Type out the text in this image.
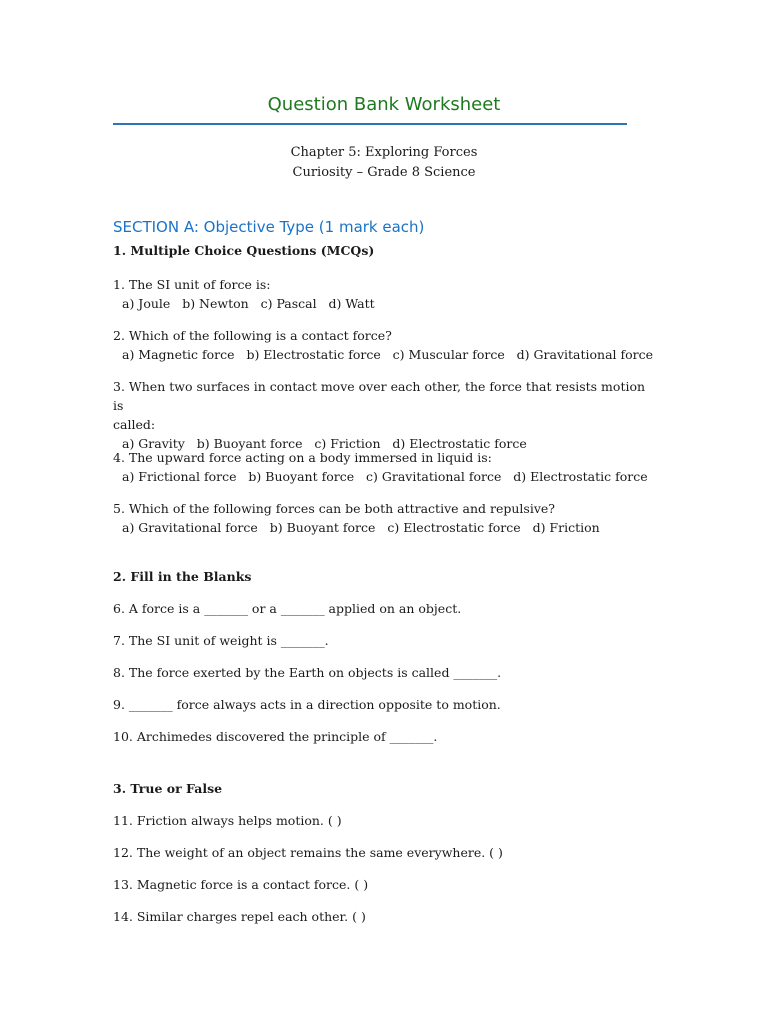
Question Bank Worksheet
Chapter 5: Exploring Forces
Curiosity – Grade 8 Science
SECTION A: Objective Type (1 mark each)
1. Multiple Choice Questions (MCQs)
1. The SI unit of force is:
a) Joule   b) Newton   c) Pascal   d) Watt
2. Which of the following is a contact force?
a) Magnetic force   b) Electrostatic force   c) Muscular force   d) Gravitational force
3. When two surfaces in contact move over each other, the force that resists motion is
called:
a) Gravity   b) Buoyant force   c) Friction   d) Electrostatic force
4. The upward force acting on a body immersed in liquid is:
a) Frictional force   b) Buoyant force   c) Gravitational force   d) Electrostatic force
5. Which of the following forces can be both attractive and repulsive?
a) Gravitational force   b) Buoyant force   c) Electrostatic force   d) Friction
2. Fill in the Blanks
6. A force is a _______ or a _______ applied on an object.
7. The SI unit of weight is _______.
8. The force exerted by the Earth on objects is called _______.
9. _______ force always acts in a direction opposite to motion.
10. Archimedes discovered the principle of _______.
3. True or False
11. Friction always helps motion. ( )
12. The weight of an object remains the same everywhere. ( )
13. Magnetic force is a contact force. ( )
14. Similar charges repel each other. ( )
